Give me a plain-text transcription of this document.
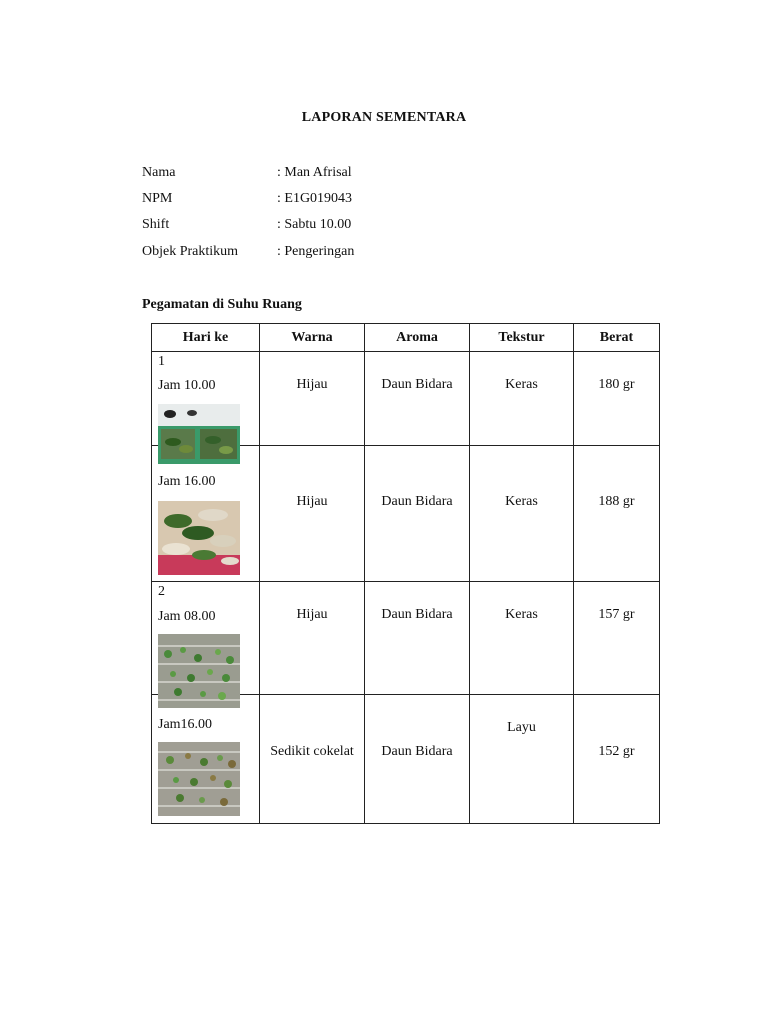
LAPORAN SEMENTARA
Nama	: Man Afrisal
NPM	: E1G019043
Shift	: Sabtu 10.00
Objek Praktikum	: Pengeringan
Pegamatan di Suhu Ruang
Hari ke	Warna	Aroma	Tekstur	Berat

1
Jam 10.00	Hijau	Daun Bidara	Keras	180 gr

Jam 16.00	Hijau	Daun Bidara	Keras	188 gr

2
Jam 08.00	Hijau	Daun Bidara	Keras	157 gr

Jam16.00	Sedikit cokelat	Daun Bidara	Layu	152 gr
